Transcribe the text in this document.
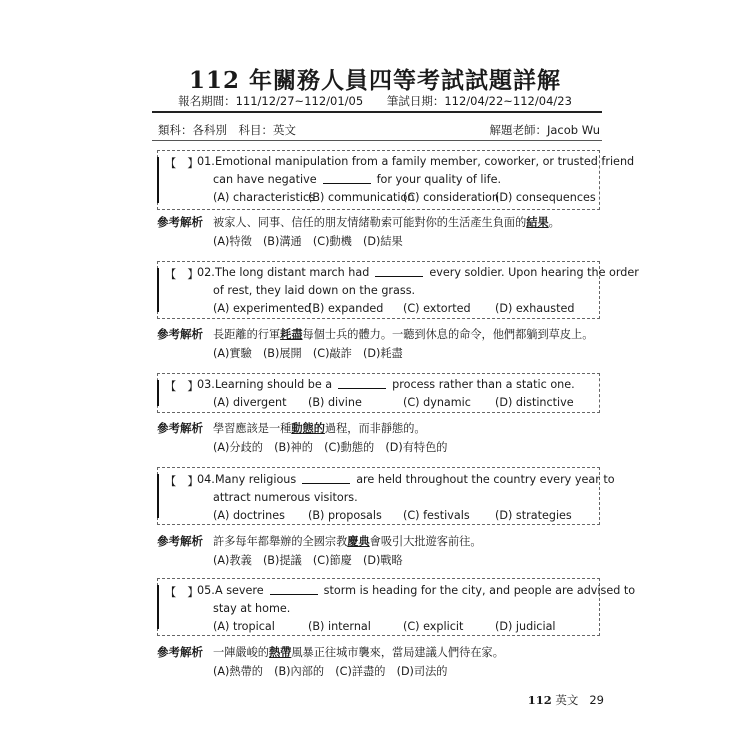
112 年關務人員四等考試試題詳解
報名期間：111/12/27~112/01/05 筆試日期：112/04/22~112/04/23
類科：各科別　科目：英文	解題老師：Jacob Wu
【　】
01. Emotional manipulation from a family member, coworker, or trusted friend
can have negative	for your quality of life.
(A) characteristics
(B) communication
(C) consideration
(D) consequences
參考解析 被家人、同事、信任的朋友情緒勒索可能對你的生活產生負面的結果。
(A)特徵　(B)溝通　(C)動機　(D)結果
【　】
02. The long distant march had	every soldier. Upon hearing the order
of rest, they laid down on the grass.
(A) experimented
(B) expanded (C) extorted (D) exhausted
參考解析 長距離的行軍耗盡每個士兵的體力。一聽到休息的命令，他們都躺到草皮上。
(A)實驗　(B)展開　(C)敲詐　(D)耗盡
【　】
03. Learning should be a	process rather than a static one.
(A) divergent (B) divine	(C) dynamic (D) distinctive
參考解析 學習應該是一種動態的過程，而非靜態的。
(A)分歧的　(B)神的　(C)動態的　(D)有特色的
【　】
04. Many religious	are held throughout the country every year to
attract numerous visitors.
(A) doctrines (B) proposals (C) festivals (D) strategies
參考解析 許多每年都舉辦的全國宗教慶典會吸引大批遊客前往。
(A)教義　(B)提議　(C)節慶　(D)戰略
【　】
05. A severe	storm is heading for the city, and people are advised to
stay at home.
(A) tropical	(B) internal	(C) explicit	(D) judicial
參考解析 一陣嚴峻的熱帶風暴正往城市襲來，當局建議人們待在家。
(A)熱帶的　(B)內部的　(C)詳盡的　(D)司法的
112 英文 29
